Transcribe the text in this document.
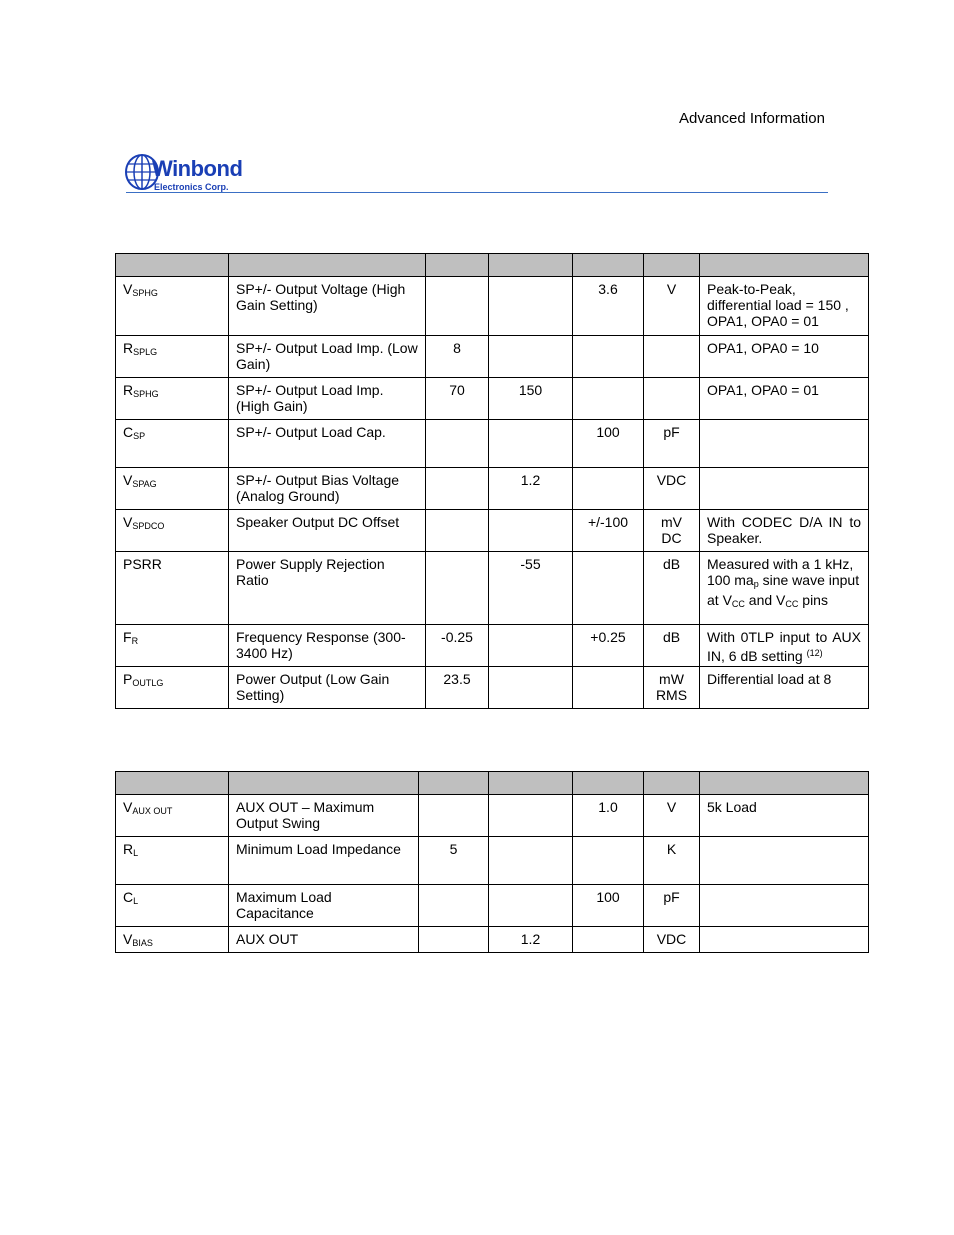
Advanced Information
Winbond
Electronics Corp.

$V_{SPHG}$	SP+/- Output Voltage (High Gain Setting)			3.6	V	Peak-to-Peak, differential load = 150 , OPA1, OPA0 = 01
$R_{SPLG}$	SP+/- Output Load Imp. (Low Gain)	8				OPA1, OPA0 = 10
$R_{SPHG}$	SP+/- Output Load Imp. (High Gain)	70	150			OPA1, OPA0 = 01
$C_{SP}$	SP+/- Output Load Cap.			100	pF	
$V_{SPAG}$	SP+/- Output Bias Voltage (Analog Ground)		1.2		VDC	
$V_{SPDCO}$	Speaker Output DC Offset			+/-100	mV DC	With CODEC D/A IN to Speaker.
PSRR	Power Supply Rejection Ratio		-55		dB	Measured with a 1 kHz, 100 map sine wave input at VCC and VCC pins
$F_R$	Frequency Response (300-3400 Hz)	-0.25		+0.25	dB	With 0TLP input to AUX IN, 6 dB setting $^{(12)}$
$P_{OUTLG}$	Power Output (Low Gain Setting)	23.5			mW RMS	Differential load at 8

$V_{AUX OUT}$	AUX OUT – Maximum Output Swing			1.0	V	5k Load
$R_L$	Minimum Load Impedance	5			K	
$C_L$	Maximum Load Capacitance			100	pF	
$V_{BIAS}$	AUX OUT		1.2		VDC	
